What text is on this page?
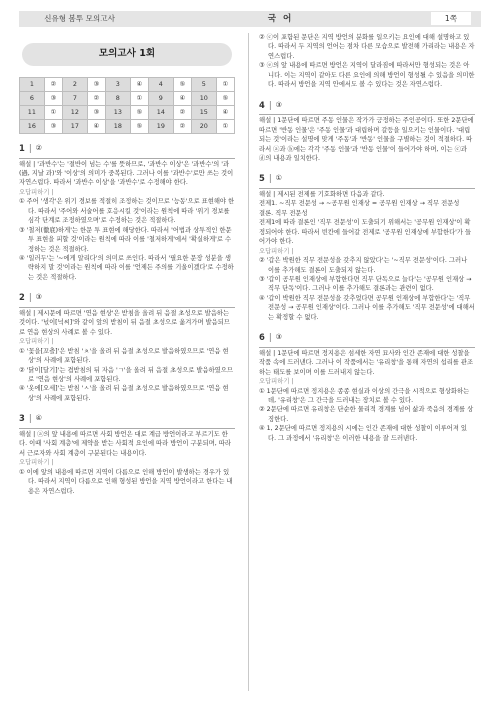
신유형 봄투 모의고사	국 어	1쪽
모의고사 1회
1	②	2	③	3	④	4	⑤	5	①
6	③	7	②	8	①	9	④	10	⑤
11	①	12	③	13	⑤	14	②	15	④
16	③	17	④	18	⑤	19	②	20	①
1 | ②

해설 | '과반수'는 '절반이 넘는 수'를 뜻하므로, '과반수 이상'은 '과반수'의 '과(過, 지날 과)'와 '이상'의 의미가 중복된다. 그러나 이를 '과반수'로만 쓰는 것이 자연스럽다. 따라서 '과반수 이상'을 '과반수'로 수정해야 한다.

오답피하기 |

① 주어 '생각'은 위기 경보를 적절히 조정하는 것이므로 '능동'으로 표현해야 한다. 따라서 '주어와 서술어를 호응시킬 것'이라는 원칙에 따라 '위기 경보를 심각 단계로 조정하였으며'로 수정하는 것은 적절하다.

③ '철저(徹底)하게'는 한문 투 표현에 해당한다. 따라서 '어법과 상투적인 한문 투 표현을 피할 것'이라는 원칙에 따라 이를 '철저하게'에서 '확실하게'로 수정하는 것은 적절하다.

④ '일러두'는 '~에게 알리다'의 의미로 쓰인다. 따라서 '필요한 문장 성분을 생략하지 말 것'이라는 원칙에 따라 이를 '언제든 주의를 기울이겠다'로 수정하는 것은 적절하다.

2 | ③

해설 | 제시문에 따르면 '연음 현상'은 받침을 올려 뒤 음절 초성으로 발음하는 것이다. '넋이[넉씨]'와 같이 앞의 받침이 뒤 음절 초성으로 옮겨가며 발음되므로 연음 현상의 사례로 볼 수 있다.

오답피하기 |

① '꽃을[꼬츨]'은 받침 'ㅊ'을 올려 뒤 음절 초성으로 발음하였으므로 '연음 현상'의 사례에 포함된다.

② '닭이[달기]'는 겹받침의 뒤 자음 'ㄱ'을 올려 뒤 음절 초성으로 발음하였으므로 '연음 현상'의 사례에 포함된다.

④ '옷에[오세]'는 받침 'ㅅ'을 올려 뒤 음절 초성으로 발음하였으므로 '연음 현상'의 사례에 포함된다.

3 | ④

해설 | ⓐ의 앞 내용에 따르면 사회 방언은 대로 계급 방언이라고 부르기도 한다. 이때 '사회 계층'에 제약을 받는 사회적 요인에 따라 방언이 구분되며, 따라서 근로자와 사회 계층이 구분된다는 내용이다.

오답피하기 |

① 이에 앞의 내용에 따르면 지역이 다름으로 인해 방언이 발생하는 경우가 있다. 따라서 지역이 다름으로 인해 형성된 방언을 지역 방언이라고 한다는 내용은 자연스럽다.

② ⓒ이 포함된 문단은 지역 방언의 분화를 일으키는 요인에 대해 설명하고 있다. 따라서 두 지역의 언어는 점차 다른 모습으로 발전해 가리라는 내용은 자연스럽다.

③ ⓔ의 앞 내용에 따르면 방언은 지역이 달라짐에 따라서만 형성되는 것은 아니다. 이는 지역이 같아도 다른 요인에 의해 방언이 형성될 수 있음을 의미한다. 따라서 방언을 지역 안에서도 볼 수 있다는 것은 자연스럽다.

4 | ③

해설 | 1문단에 따르면 주동 인물은 작가가 긍정하는 주인공이다. 또한 2문단에 따르면 '반동 인물'은 '주동 인물'과 대립하며 갈등을 일으키는 인물이다. '대립되는 것'이라는 설명에 맞게 '주동'과 '반동' 인물을 구별하는 것이 적절하다. 따라서 ⓐ과 ⓑ에는 각각 '주동 인물'과 '반동 인물'이 들어가야 하며, 이는 ⓒ과 ⓓ의 내용과 일치한다.

5 | ①

해설 | 제시된 전제를 기호화하면 다음과 같다.

전제1. ~직무 전문성 → ~공무원 인재상 = 공무원 인재상 → 직무 전문성

결론. 직무 전문성

전제1에 따라 결론인 '직무 전문성'이 도출되기 위해서는 '공무원 인재상'이 확정되어야 한다. 따라서 빈칸에 들어갈 전제로 '공무원 인재상에 부합한다'가 들어가야 한다.

오답피하기 |

② '갑은 박원한 직무 전문성을 갖추지 않았다'는 '~직무 전문성'이다. 그러나 이를 추가해도 결론이 도출되지 않는다.

③ '갑이 공무원 인재상에 부합한다면 직무 단독으로 늘다'는 '공무원 인재상 → 직무 단독'이다. 그러나 이를 추가해도 결론과는 관련이 없다.

④ '갑이 박원한 직무 전문성을 갖추었다면 공무원 인재상에 부합한다'는 '직무 전문성 → 공무원 인재상'이다. 그러나 이를 추가해도 '직무 전문성'에 대해서는 확정할 수 없다.

6 | ③

해설 | 1문단에 따르면 정지용은 섬세한 자연 묘사와 인간 존재에 대한 성찰을 작품 속에 드러낸다. 그러나 이 작품에서는 '유리창'을 통해 자연의 섭리를 관조하는 태도를 보이며 이를 드러내지 않는다.

오답피하기 |

① 1문단에 따르면 정지용은 종종 현실과 이상의 간극을 시적으로 형상화하는데, '유리창'은 그 간극을 드러내는 장치로 볼 수 있다.

② 2문단에 따르면 유리창은 단순한 물리적 경계를 넘어 삶과 죽음의 경계를 상징한다.

④ 1, 2문단에 따르면 정지용의 시에는 인간 존재에 대한 성찰이 이루어져 있다. 그 과정에서 '유리창'은 이러한 내용을 잘 드러낸다.
